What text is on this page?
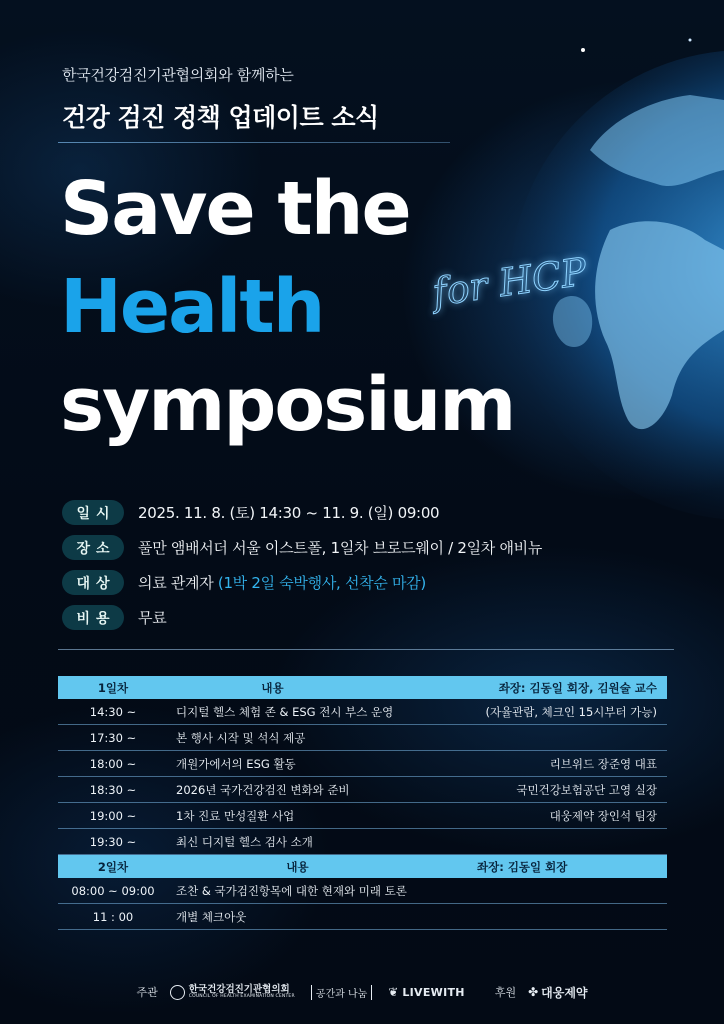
한국건강검진기관협의회와 함께하는
건강 검진 정책 업데이트 소식
Save the
Health
symposium
for HCP
일시	2025. 11. 8. (토) 14:30 ~ 11. 9. (일) 09:00
장소	풀만 앰배서더 서울 이스트폴, 1일차 브로드웨이 / 2일차 애비뉴
대상	의료 관계자 (1박 2일 숙박행사, 선착순 마감)
비용	무료
1일차	내용	좌장: 김동일 회장, 김원술 교수
14:30 ~	디지털 헬스 체험 존 & ESG 전시 부스 운영	(자율관람, 체크인 15시부터 가능)
17:30 ~	본 행사 시작 및 석식 제공
18:00 ~	개원가에서의 ESG 활동	리브위드 장준영 대표
18:30 ~	2026년 국가건강검진 변화와 준비	국민건강보험공단 고영 실장
19:00 ~	1차 진료 만성질환 사업	대웅제약 장인석 팀장
19:30 ~	최신 디지털 헬스 검사 소개
2일차	내용	좌장: 김동일 회장
08:00 ~ 09:00	조찬 & 국가검진항목에 대한 현재와 미래 토론
11 : 00	개별 체크아웃
주관	한국건강검진기관협의회
COUNCIL OF HEALTH EXAMINATION CENTER	공간과 나눔	❦ LIVEWITH	후원 ✤ 대웅제약
